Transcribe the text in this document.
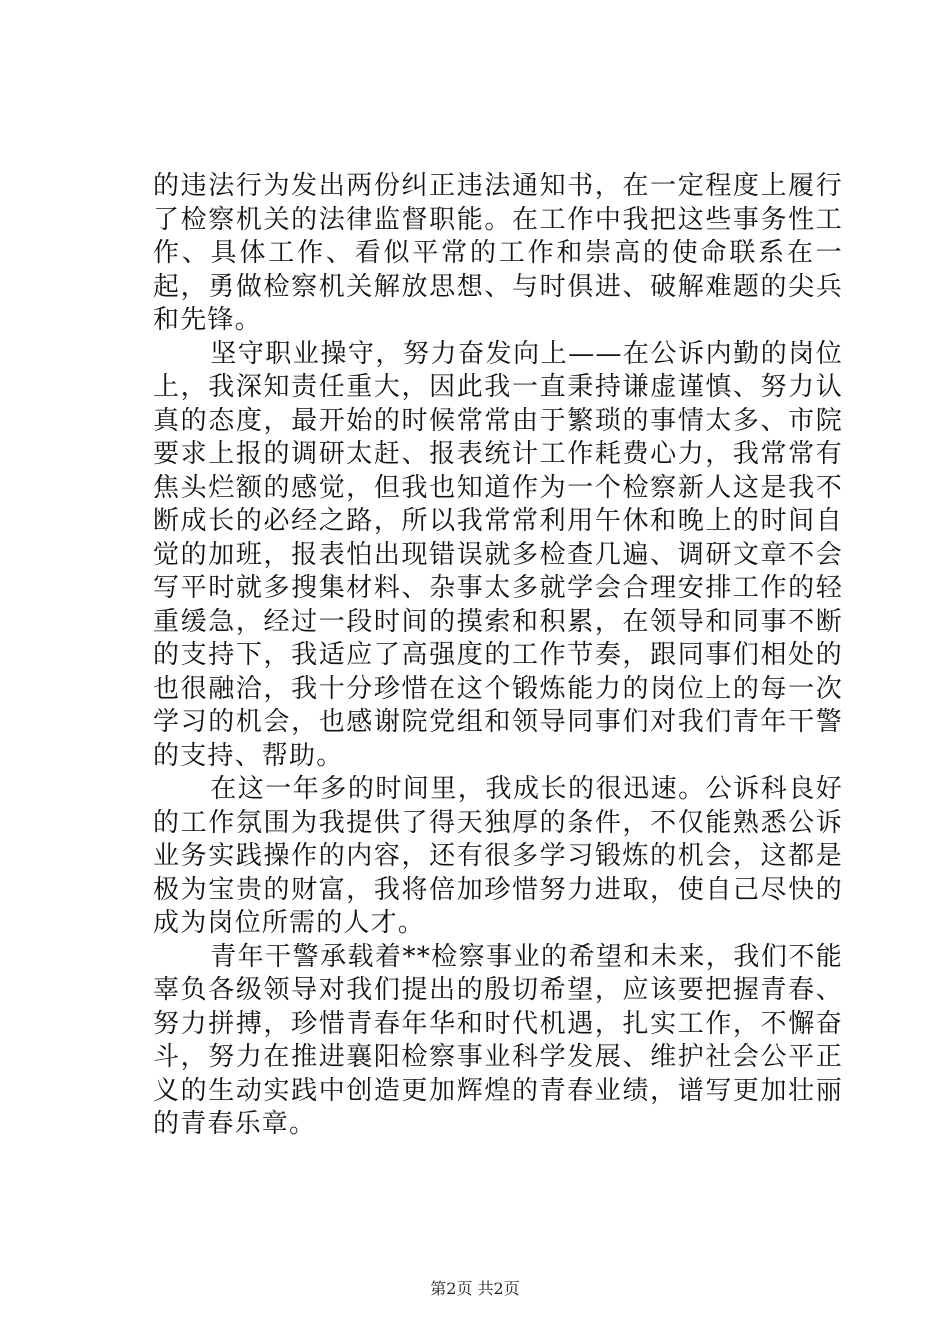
的违法行为发出两份纠正违法通知书，在一定程度上履行了检察机关的法律监督职能。在工作中我把这些事务性工作、具体工作、看似平常的工作和崇高的使命联系在一起，勇做检察机关解放思想、与时俱进、破解难题的尖兵和先锋。

坚守职业操守，努力奋发向上——在公诉内勤的岗位上，我深知责任重大，因此我一直秉持谦虚谨慎、努力认真的态度，最开始的时候常常由于繁琐的事情太多、市院要求上报的调研太赶、报表统计工作耗费心力，我常常有焦头烂额的感觉，但我也知道作为一个检察新人这是我不断成长的必经之路，所以我常常利用午休和晚上的时间自觉的加班，报表怕出现错误就多检查几遍、调研文章不会写平时就多搜集材料、杂事太多就学会合理安排工作的轻重缓急，经过一段时间的摸索和积累，在领导和同事不断的支持下，我适应了高强度的工作节奏，跟同事们相处的也很融洽，我十分珍惜在这个锻炼能力的岗位上的每一次学习的机会，也感谢院党组和领导同事们对我们青年干警的支持、帮助。

在这一年多的时间里，我成长的很迅速。公诉科良好的工作氛围为我提供了得天独厚的条件，不仅能熟悉公诉业务实践操作的内容，还有很多学习锻炼的机会，这都是极为宝贵的财富，我将倍加珍惜努力进取，使自己尽快的成为岗位所需的人才。

青年干警承载着**检察事业的希望和未来，我们不能辜负各级领导对我们提出的殷切希望，应该要把握青春、努力拼搏，珍惜青春年华和时代机遇，扎实工作，不懈奋斗，努力在推进襄阳检察事业科学发展、维护社会公平正义的生动实践中创造更加辉煌的青春业绩，谱写更加壮丽的青春乐章。

第2页 共2页
